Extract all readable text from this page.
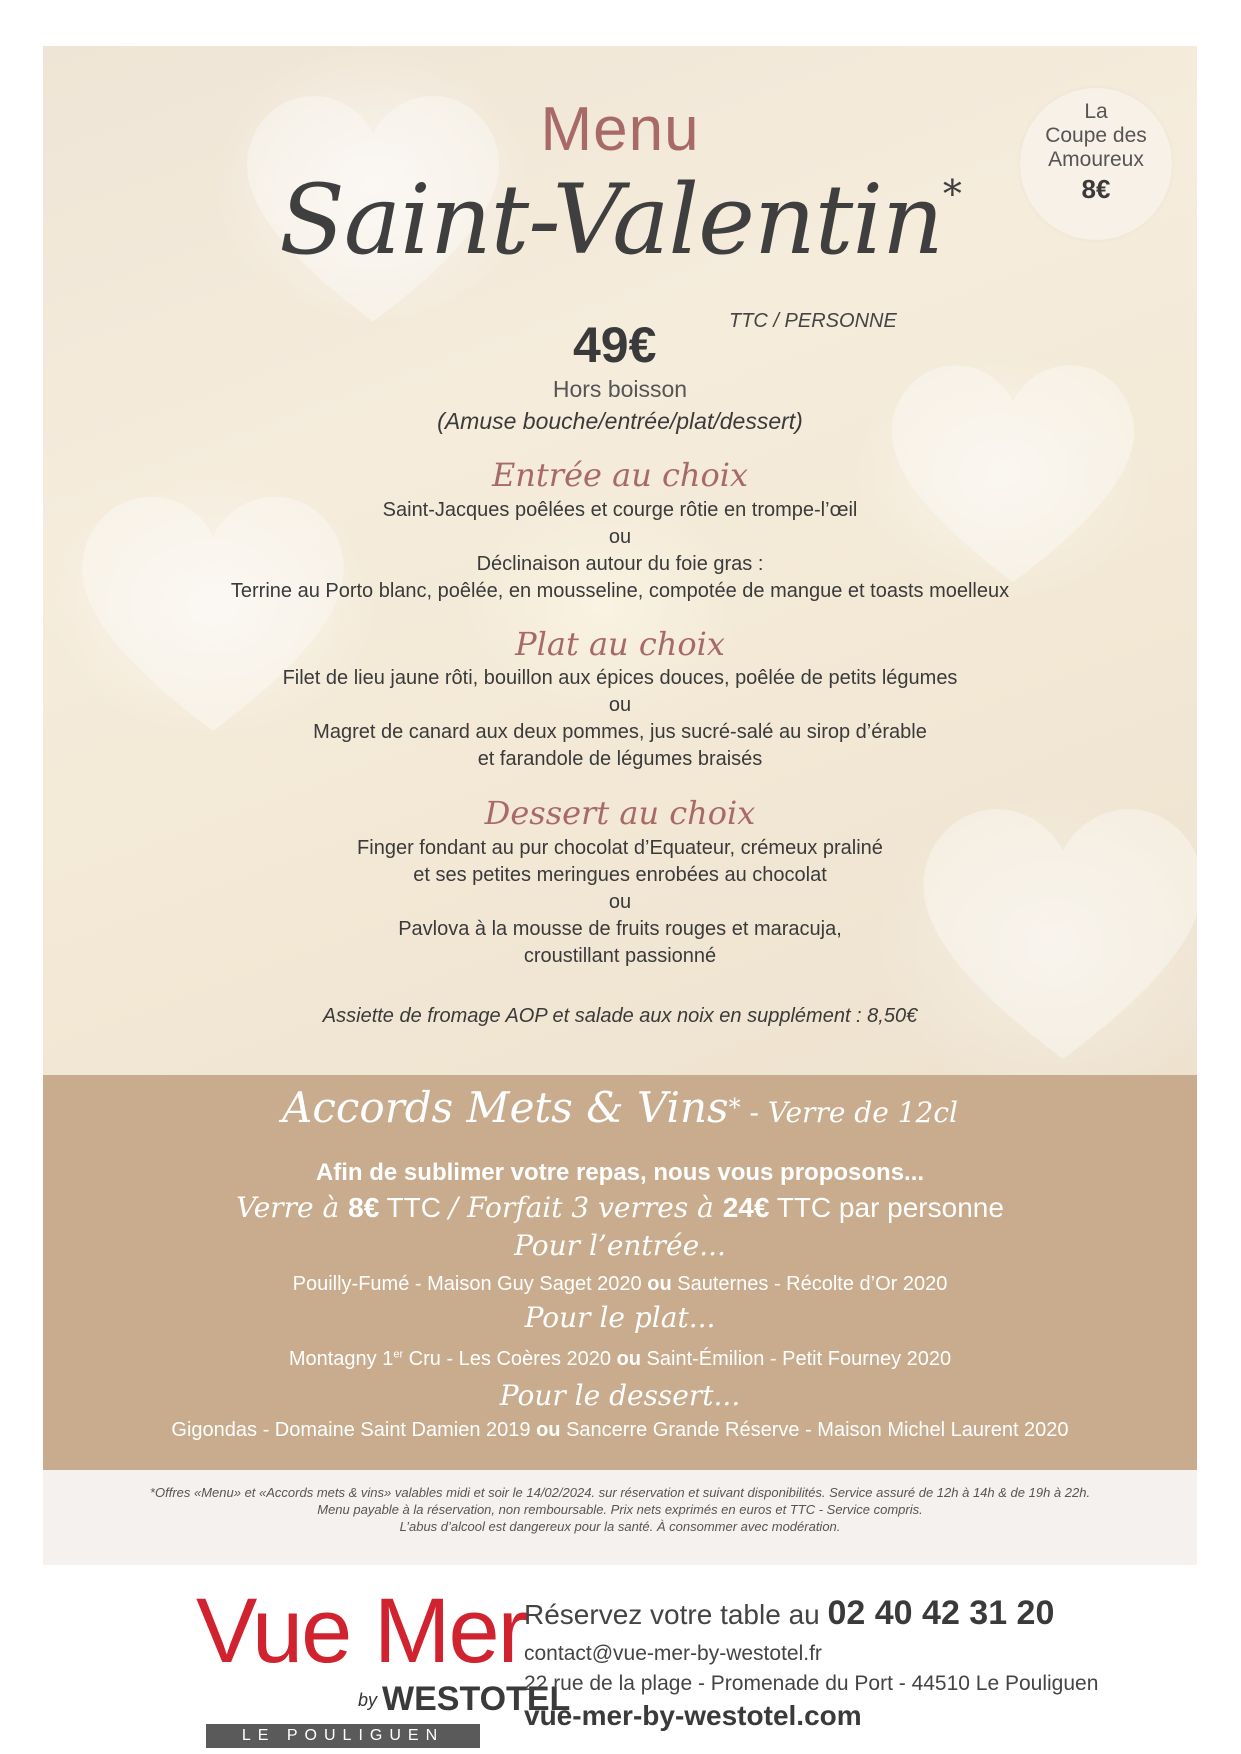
Menu
Saint-Valentin*
La
Coupe des
Amoureux
8€
49€	TTC / PERSONNE
Hors boisson
(Amuse bouche/entrée/plat/dessert)
Entrée au choix
Saint-Jacques poêlées et courge rôtie en trompe-l’œil
ou
Déclinaison autour du foie gras :
Terrine au Porto blanc, poêlée, en mousseline, compotée de mangue et toasts moelleux
Plat au choix
Filet de lieu jaune rôti, bouillon aux épices douces, poêlée de petits légumes
ou
Magret de canard aux deux pommes, jus sucré-salé au sirop d’érable
et farandole de légumes braisés
Dessert au choix
Finger fondant au pur chocolat d’Equateur, crémeux praliné
et ses petites meringues enrobées au chocolat
ou
Pavlova à la mousse de fruits rouges et maracuja,
croustillant passionné
Assiette de fromage AOP et salade aux noix en supplément : 8,50€
Accords Mets & Vins* - Verre de 12cl
Afin de sublimer votre repas, nous vous proposons...
Verre à 8€ TTC / Forfait 3 verres à 24€ TTC par personne
Pour l’entrée...
Pouilly-Fumé - Maison Guy Saget 2020 ou Sauternes - Récolte d’Or 2020
Pour le plat...
Montagny 1er Cru - Les Coères 2020 ou Saint-Émilion - Petit Fourney 2020
Pour le dessert...
Gigondas - Domaine Saint Damien 2019 ou Sancerre Grande Réserve - Maison Michel Laurent 2020
*Offres «Menu» et «Accords mets & vins» valables midi et soir le 14/02/2024. sur réservation et suivant disponibilités. Service assuré de 12h à 14h & de 19h à 22h.
Menu payable à la réservation, non remboursable. Prix nets exprimés en euros et TTC - Service compris.
L’abus d’alcool est dangereux pour la santé. À consommer avec modération.
Vue Mer
by WESTOTEL
LE POULIGUEN
Réservez votre table au 02 40 42 31 20
contact@vue-mer-by-westotel.fr
22 rue de la plage - Promenade du Port - 44510 Le Pouliguen
vue-mer-by-westotel.com
